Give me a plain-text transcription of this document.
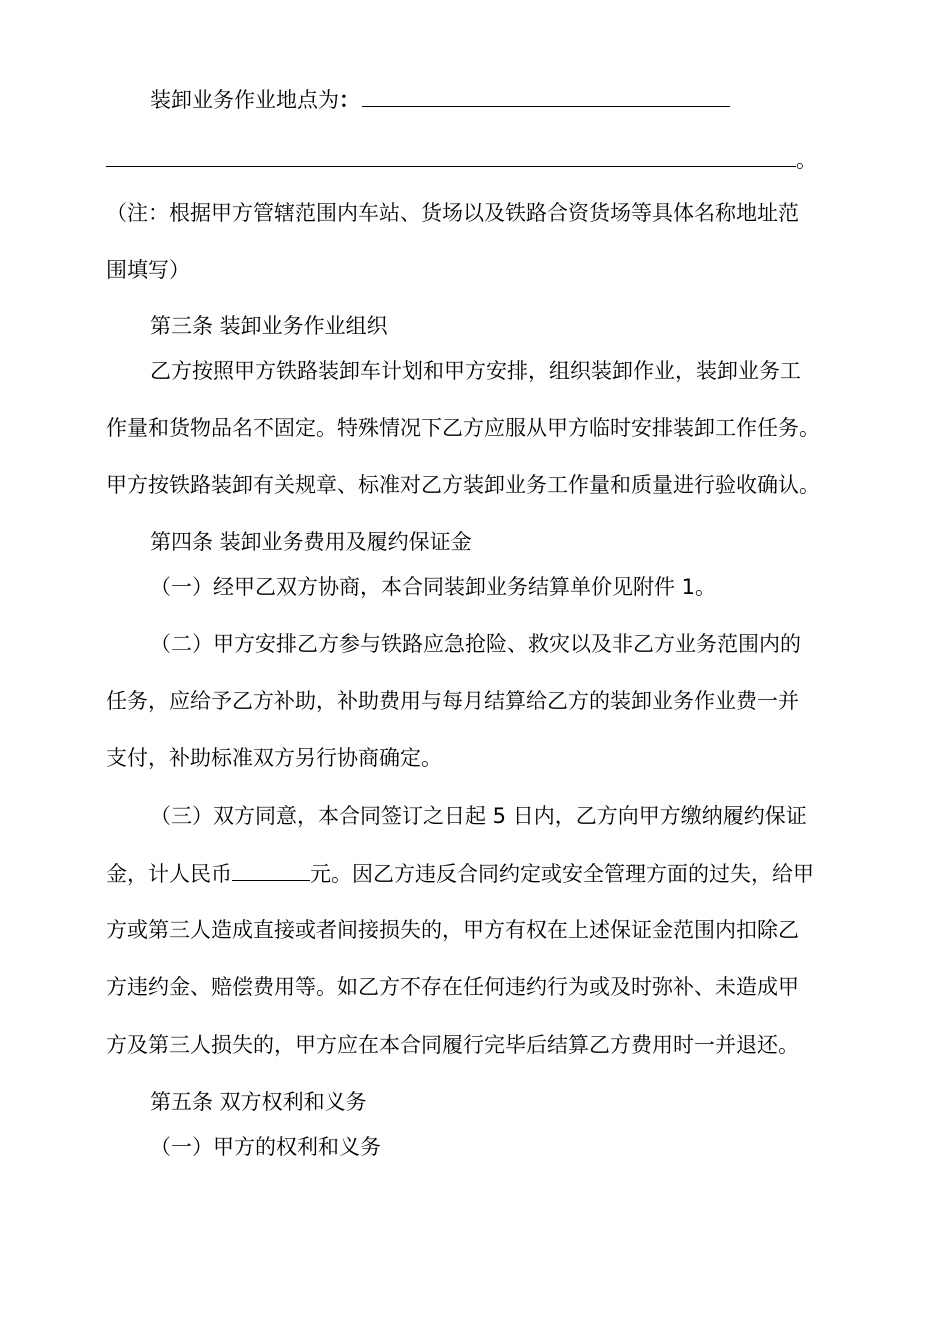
装卸业务作业地点为：
。
（注：根据甲方管辖范围内车站、货场以及铁路合资货场等具体名称地址范
围填写）
第三条 装卸业务作业组织
乙方按照甲方铁路装卸车计划和甲方安排，组织装卸作业，装卸业务工
作量和货物品名不固定。特殊情况下乙方应服从甲方临时安排装卸工作任务。
甲方按铁路装卸有关规章、标准对乙方装卸业务工作量和质量进行验收确认。
第四条 装卸业务费用及履约保证金
（一）经甲乙双方协商，本合同装卸业务结算单价见附件 1。
（二）甲方安排乙方参与铁路应急抢险、救灾以及非乙方业务范围内的
任务，应给予乙方补助，补助费用与每月结算给乙方的装卸业务作业费一并
支付，补助标准双方另行协商确定。
（三）双方同意，本合同签订之日起 5 日内，乙方向甲方缴纳履约保证
金，计人民币	元。因乙方违反合同约定或安全管理方面的过失，给甲
方或第三人造成直接或者间接损失的，甲方有权在上述保证金范围内扣除乙
方违约金、赔偿费用等。如乙方不存在任何违约行为或及时弥补、未造成甲
方及第三人损失的，甲方应在本合同履行完毕后结算乙方费用时一并退还。
第五条 双方权利和义务
（一）甲方的权利和义务
